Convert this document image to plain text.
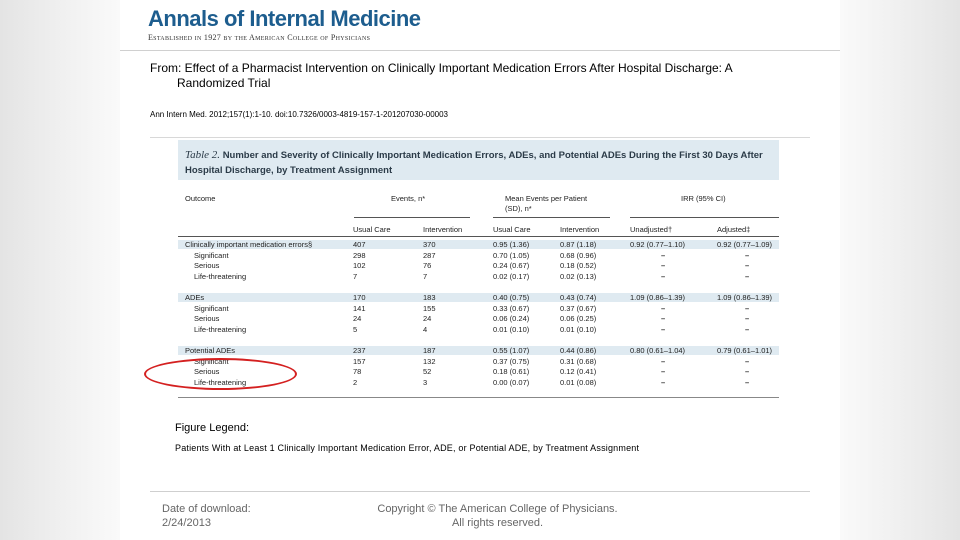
Annals of Internal Medicine
Established in 1927 by the American College of Physicians
From: Effect of a Pharmacist Intervention on Clinically Important Medication Errors After Hospital Discharge: A
Randomized Trial
Ann Intern Med. 2012;157(1):1-10. doi:10.7326/0003-4819-157-1-201207030-00003
Table 2. Number and Severity of Clinically Important Medication Errors, ADEs, and Potential ADEs During the First 30 Days After
Hospital Discharge, by Treatment Assignment
Outcome	Events, n*	Mean Events per Patient
(SD), n*
IRR (95% CI)
Usual Care	Intervention	Usual Care	Intervention	Unadjusted†	Adjusted‡
Clinically important medication errors§	407	370	0.95 (1.36)	0.87 (1.18)	0.92 (0.77–1.10)	0.92 (0.77–1.09)
Significant	298	287	0.70 (1.05)	0.68 (0.96)	–	–
Serious	102	76	0.24 (0.67)	0.18 (0.52)	–	–
Life-threatening	7	7	0.02 (0.17)	0.02 (0.13)	–	–
ADEs	170	183	0.40 (0.75)	0.43 (0.74)	1.09 (0.86–1.39)	1.09 (0.86–1.39)
Significant	141	155	0.33 (0.67)	0.37 (0.67)	–	–
Serious	24	24	0.06 (0.24)	0.06 (0.25)	–	–
Life-threatening	5	4	0.01 (0.10)	0.01 (0.10)	–	–
Potential ADEs	237	187	0.55 (1.07)	0.44 (0.86)	0.80 (0.61–1.04)	0.79 (0.61–1.01)
Significant	157	132	0.37 (0.75)	0.31 (0.68)	–	–
Serious	78	52	0.18 (0.61)	0.12 (0.41)	–	–
Life-threatening	2	3	0.00 (0.07)	0.01 (0.08)	–	–
Figure Legend:
Patients With at Least 1 Clinically Important Medication Error, ADE, or Potential ADE, by Treatment Assignment
Date of download:
2/24/2013
Copyright © The American College of Physicians.
All rights reserved.
